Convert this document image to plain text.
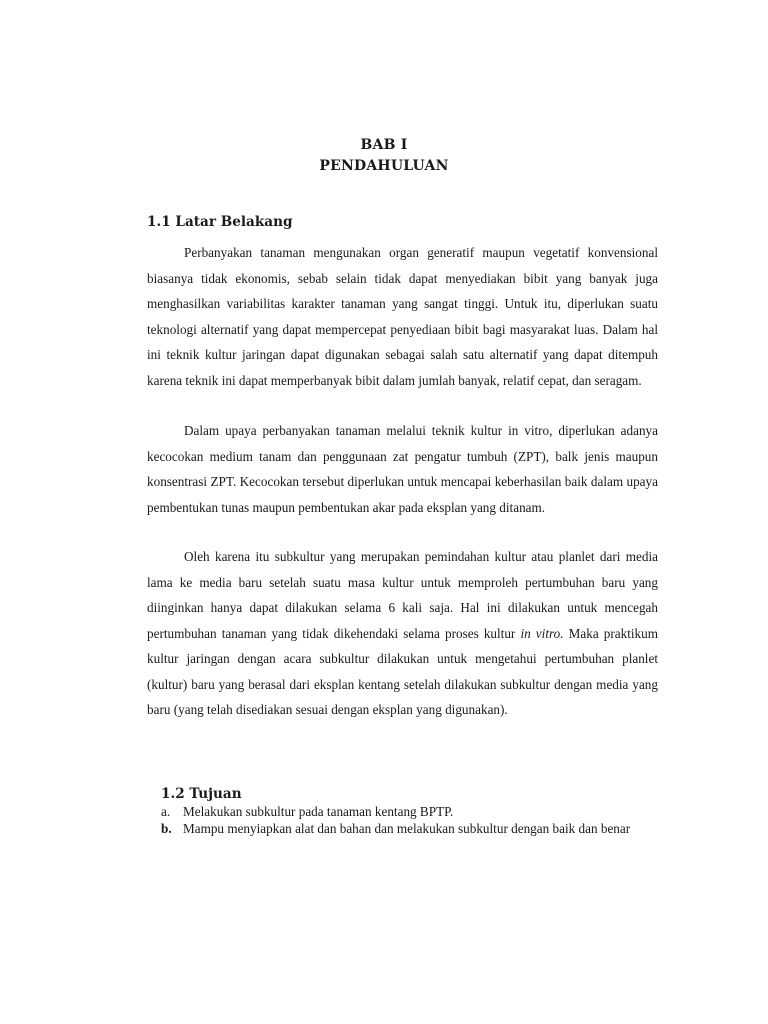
BAB I
PENDAHULUAN
1.1 Latar Belakang

Perbanyakan tanaman mengunakan organ generatif maupun vegetatif konvensional biasanya tidak ekonomis, sebab selain tidak dapat menyediakan bibit yang banyak juga menghasilkan variabilitas karakter tanaman yang sangat tinggi. Untuk itu, diperlukan suatu teknologi alternatif yang dapat mempercepat penyediaan bibit bagi masyarakat luas. Dalam hal ini teknik kultur jaringan dapat digunakan sebagai salah satu alternatif yang dapat ditempuh karena teknik ini dapat memperbanyak bibit dalam jumlah banyak, relatif cepat, dan seragam.

Dalam upaya perbanyakan tanaman melalui teknik kultur in vitro, diperlukan adanya kecocokan medium tanam dan penggunaan zat pengatur tumbuh (ZPT), balk jenis maupun konsentrasi ZPT. Kecocokan tersebut diperlukan untuk mencapai keberhasilan baik dalam upaya pembentukan tunas maupun pembentukan akar pada eksplan yang ditanam.

Oleh karena itu subkultur yang merupakan pemindahan kultur atau planlet dari media lama ke media baru setelah suatu masa kultur untuk memproleh pertumbuhan baru yang diinginkan hanya dapat dilakukan selama 6 kali saja. Hal ini dilakukan untuk mencegah pertumbuhan tanaman yang tidak dikehendaki selama proses kultur in vitro. Maka praktikum kultur jaringan dengan acara subkultur dilakukan untuk mengetahui pertumbuhan planlet (kultur) baru yang berasal dari eksplan kentang setelah dilakukan subkultur dengan media yang baru (yang telah disediakan sesuai dengan eksplan yang digunakan).

1.2 Tujuan
a. Melakukan subkultur pada tanaman kentang BPTP.
b. Mampu menyiapkan alat dan bahan dan melakukan subkultur dengan baik dan benar
